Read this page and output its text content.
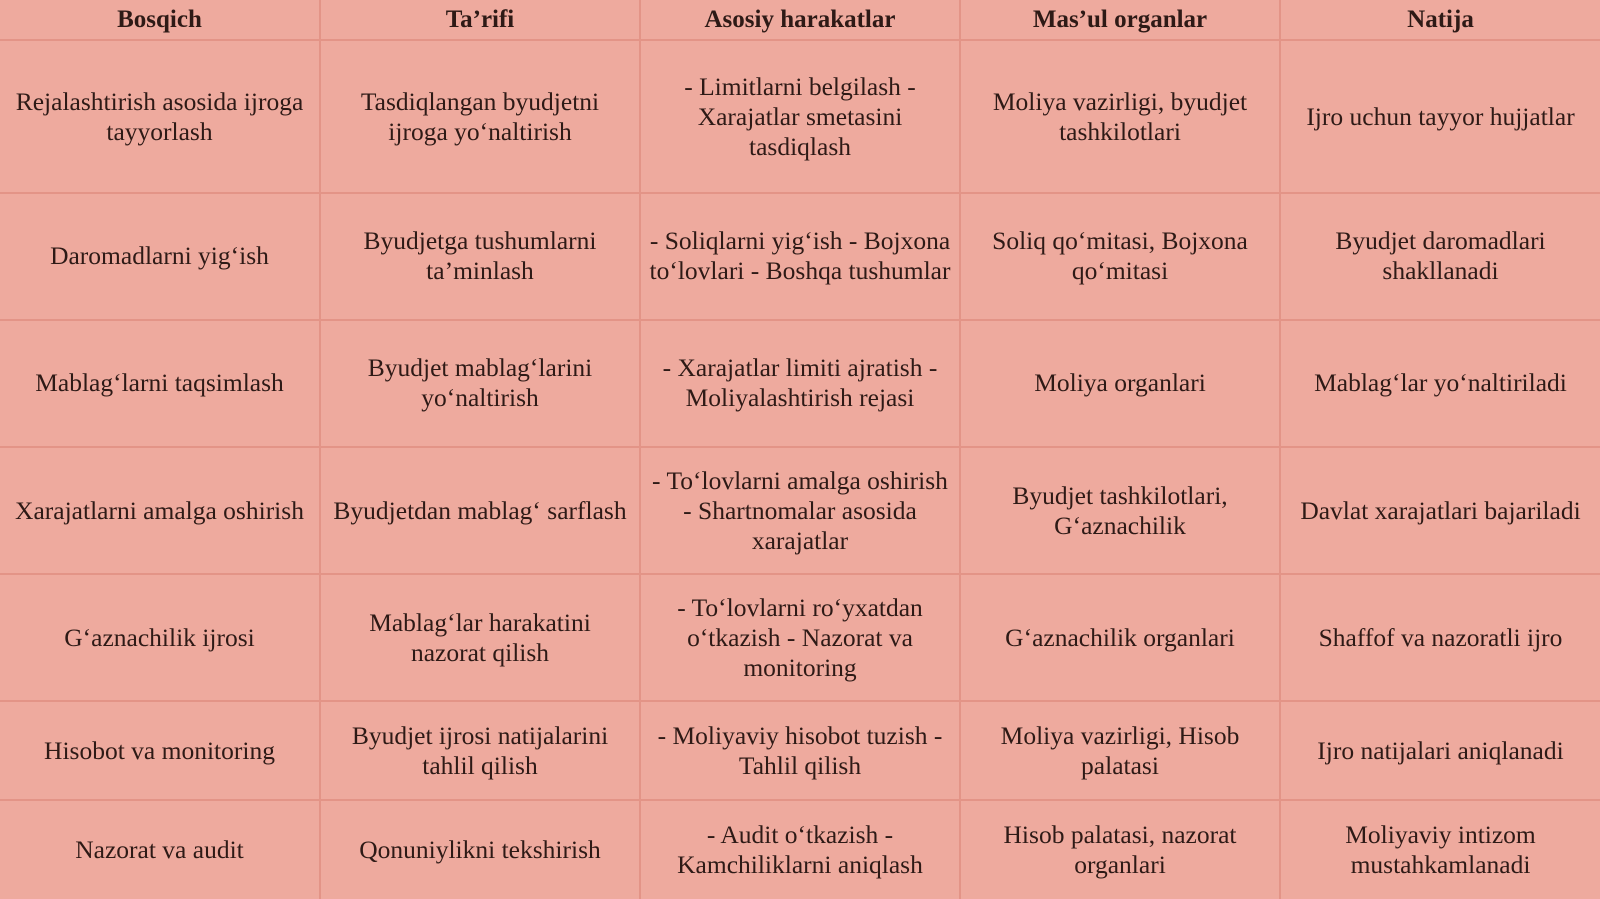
Bosqich	Ta’rifi	Asosiy harakatlar	Mas’ul organlar	Natija
Rejalashtirish asosida ijroga tayyorlash	Tasdiqlangan byudjetni ijroga yo‘naltirish	- Limitlarni belgilash - Xarajatlar smetasini tasdiqlash	Moliya vazirligi, byudjet tashkilotlari	Ijro uchun tayyor hujjatlar
Daromadlarni yig‘ish	Byudjetga tushumlarni ta’minlash	- Soliqlarni yig‘ish - Bojxona to‘lovlari - Boshqa tushumlar	Soliq qo‘mitasi, Bojxona qo‘mitasi	Byudjet daromadlari shakllanadi
Mablag‘larni taqsimlash	Byudjet mablag‘larini yo‘naltirish	- Xarajatlar limiti ajratish - Moliyalashtirish rejasi	Moliya organlari	Mablag‘lar yo‘naltiriladi
Xarajatlarni amalga oshirish	Byudjetdan mablag‘ sarflash	- To‘lovlarni amalga oshirish - Shartnomalar asosida xarajatlar	Byudjet tashkilotlari, G‘aznachilik	Davlat xarajatlari bajariladi
G‘aznachilik ijrosi	Mablag‘lar harakatini nazorat qilish	- To‘lovlarni ro‘yxatdan o‘tkazish - Nazorat va monitoring	G‘aznachilik organlari	Shaffof va nazoratli ijro
Hisobot va monitoring	Byudjet ijrosi natijalarini tahlil qilish	- Moliyaviy hisobot tuzish - Tahlil qilish	Moliya vazirligi, Hisob palatasi	Ijro natijalari aniqlanadi
Nazorat va audit	Qonuniylikni tekshirish	- Audit o‘tkazish - Kamchiliklarni aniqlash	Hisob palatasi, nazorat organlari	Moliyaviy intizom mustahkamlanadi
